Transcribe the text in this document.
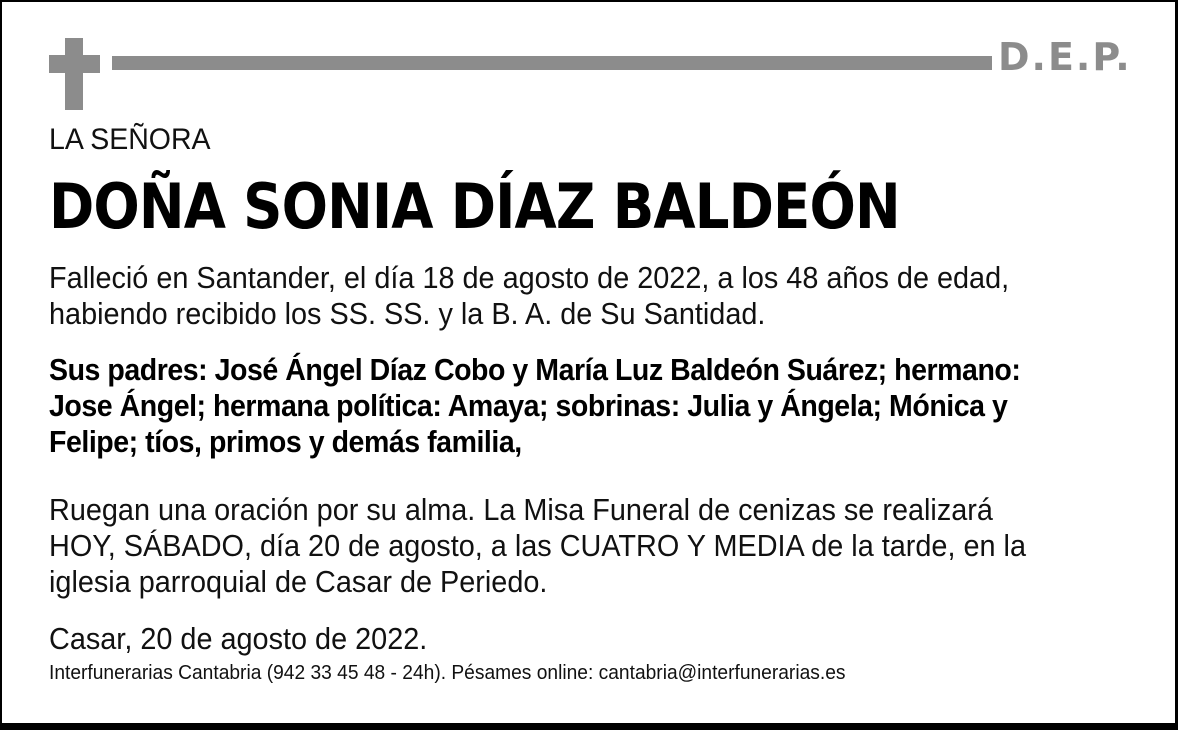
D.E.P.
LA SEÑORA
DOÑA SONIA DÍAZ BALDEÓN
Falleció en Santander, el día 18 de agosto de 2022, a los 48 años de edad,
habiendo recibido los SS. SS. y la B. A. de Su Santidad.
Sus padres: José Ángel Díaz Cobo y María Luz Baldeón Suárez; hermano:
Jose Ángel; hermana política: Amaya; sobrinas: Julia y Ángela; Mónica y
Felipe; tíos, primos y demás familia,
Ruegan una oración por su alma. La Misa Funeral de cenizas se realizará
HOY, SÁBADO, día 20 de agosto, a las CUATRO Y MEDIA de la tarde, en la
iglesia parroquial de Casar de Periedo.
Casar, 20 de agosto de 2022.
Interfunerarias Cantabria (942 33 45 48 - 24h). Pésames online: cantabria@interfunerarias.es
